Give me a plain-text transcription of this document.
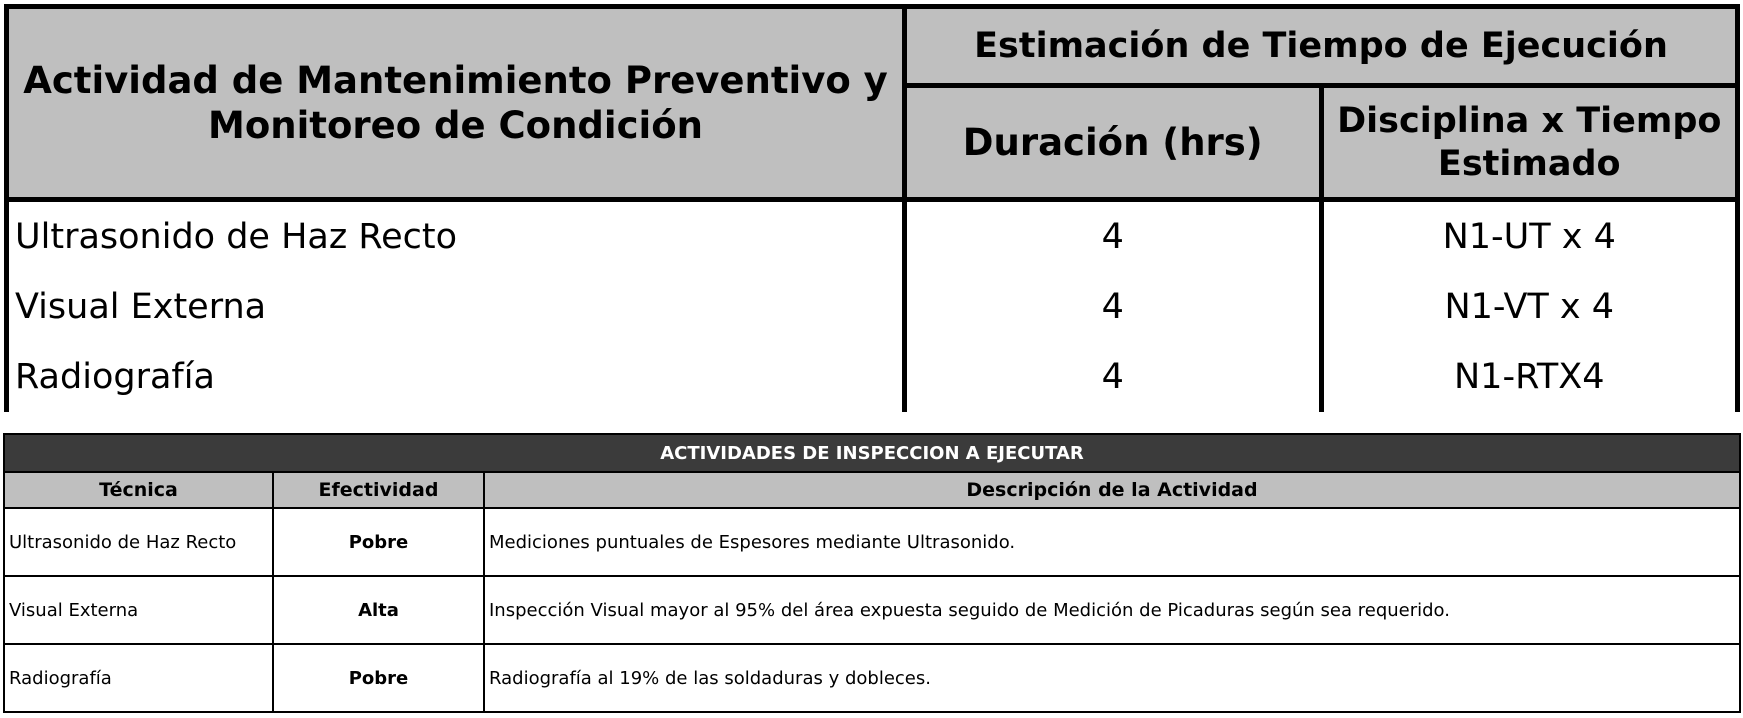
Actividad de Mantenimiento Preventivo y Monitoreo de Condición	Estimación de Tiempo de Ejecución	
	Duración (hrs)	Disciplina x Tiempo Estimado
Ultrasonido de Haz Recto	4	N1-UT x 4
Visual Externa	4	N1-VT x 4
Radiografía	4	N1-RTX4
ACTIVIDADES DE INSPECCION A EJECUTAR		
Técnica	Efectividad	Descripción de la Actividad
Ultrasonido de Haz Recto	Pobre	Mediciones puntuales de Espesores mediante Ultrasonido.
Visual Externa	Alta	Inspección Visual mayor al 95% del área expuesta seguido de Medición de Picaduras según sea requerido.
Radiografía	Pobre	Radiografía al 19% de las soldaduras y dobleces.
